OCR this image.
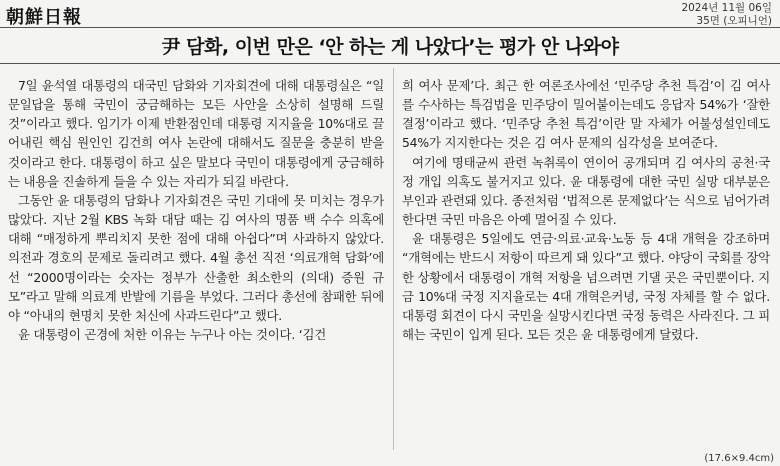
朝鮮日報	2024년 11월 06일
35면 (오피니언)
尹 담화, 이번 만은 ‘안 하는 게 나았다’는 평가 안 나와야

7일 윤석열 대통령의 대국민 담화와 기자회견에 대해 대통령실은 “일문일답을 통해 국민이 궁금해하는 모든 사안을 소상히 설명해 드릴 것”이라고 했다. 임기가 이제 반환점인데 대통령 지지율을 10%대로 끌어내린 핵심 원인인 김건희 여사 논란에 대해서도 질문을 충분히 받을 것이라고 한다. 대통령이 하고 싶은 말보다 국민이 대통령에게 궁금해하는 내용을 진솔하게 들을 수 있는 자리가 되길 바란다.

그동안 윤 대통령의 담화나 기자회견은 국민 기대에 못 미치는 경우가 많았다. 지난 2월 KBS 녹화 대담 때는 김 여사의 명품 백 수수 의혹에 대해 “매정하게 뿌리치지 못한 점에 대해 아쉽다”며 사과하지 않았다. 의전과 경호의 문제로 돌리려고 했다. 4월 총선 직전 ‘의료개혁 담화’에선 “2000명이라는 숫자는 정부가 산출한 최소한의 (의대) 증원 규모”라고 말해 의료계 반발에 기름을 부었다. 그러다 총선에 참패한 뒤에야 “아내의 현명치 못한 처신에 사과드린다”고 했다.

윤 대통령이 곤경에 처한 이유는 누구나 아는 것이다. ‘김건

희 여사 문제’다. 최근 한 여론조사에선 ‘민주당 추천 특검’이 김 여사를 수사하는 특검법을 민주당이 밀어붙이는데도 응답자 54%가 ‘잘한 결정’이라고 했다. ‘민주당 추천 특검’이란 말 자체가 어불성설인데도 54%가 지지한다는 것은 김 여사 문제의 심각성을 보여준다.

여기에 명태균씨 관련 녹취록이 연이어 공개되며 김 여사의 공천·국정 개입 의혹도 불거지고 있다. 윤 대통령에 대한 국민 실망 대부분은 부인과 관련돼 있다. 종전처럼 ‘법적으론 문제없다’는 식으로 넘어가려 한다면 국민 마음은 아예 멀어질 수 있다.

윤 대통령은 5일에도 연금·의료·교육·노동 등 4대 개혁을 강조하며 “개혁에는 반드시 저항이 따르게 돼 있다”고 했다. 야당이 국회를 장악한 상황에서 대통령이 개혁 저항을 넘으려면 기댈 곳은 국민뿐이다. 지금 10%대 국정 지지율로는 4대 개혁은커녕, 국정 자체를 할 수 없다. 대통령 회견이 다시 국민을 실망시킨다면 국정 동력은 사라진다. 그 피해는 국민이 입게 된다. 모든 것은 윤 대통령에게 달렸다.

(17.6×9.4cm)
